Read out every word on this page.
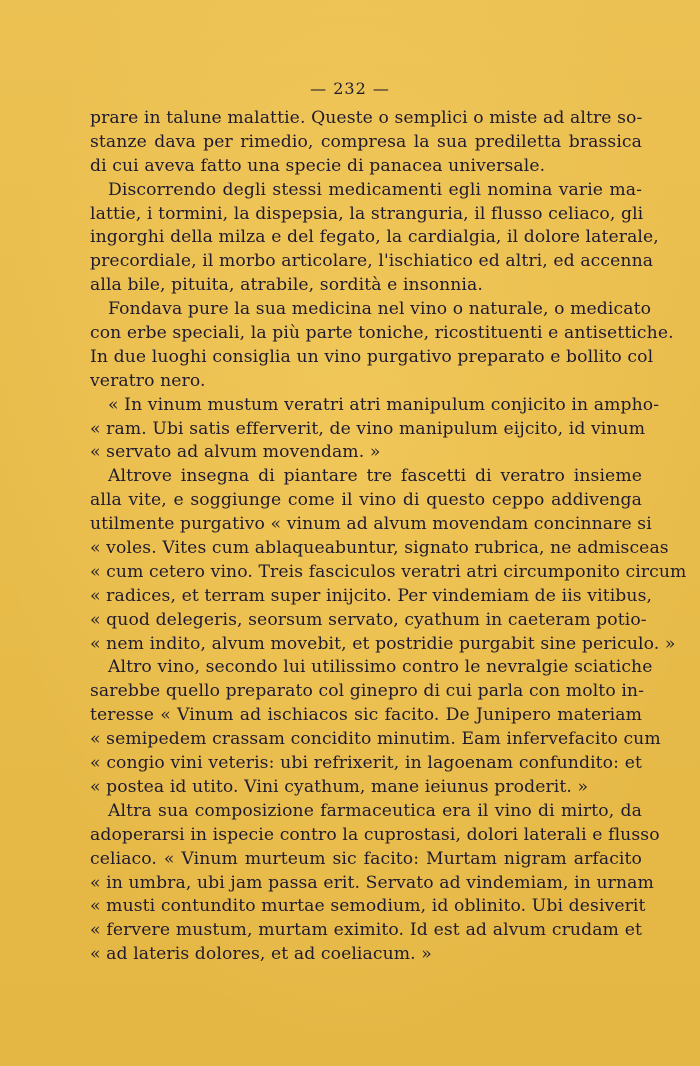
— 232 —
prare in talune malattie. Queste o semplici o miste ad altre so-
stanze dava per rimedio, compresa la sua prediletta brassica
di cui aveva fatto una specie di panacea universale.
Discorrendo degli stessi medicamenti egli nomina varie ma-
lattie, i tormini, la dispepsia, la stranguria, il flusso celiaco, gli
ingorghi della milza e del fegato, la cardialgia, il dolore laterale,
precordiale, il morbo articolare, l'ischiatico ed altri, ed accenna
alla bile, pituita, atrabile, sordità e insonnia.
Fondava pure la sua medicina nel vino o naturale, o medicato
con erbe speciali, la più parte toniche, ricostituenti e antisettiche.
In due luoghi consiglia un vino purgativo preparato e bollito col
veratro nero.
« In vinum mustum veratri atri manipulum conjicito in ampho-
« ram. Ubi satis efferverit, de vino manipulum eijcito, id vinum
« servato ad alvum movendam. »
Altrove insegna di piantare tre fascetti di veratro insieme
alla vite, e soggiunge come il vino di questo ceppo addivenga
utilmente purgativo « vinum ad alvum movendam concinnare si
« voles. Vites cum ablaqueabuntur, signato rubrica, ne admisceas
« cum cetero vino. Treis fasciculos veratri atri circumponito circum
« radices, et terram super inijcito. Per vindemiam de iis vitibus,
« quod delegeris, seorsum servato, cyathum in caeteram potio-
« nem indito, alvum movebit, et postridie purgabit sine periculo. »
Altro vino, secondo lui utilissimo contro le nevralgie sciatiche
sarebbe quello preparato col ginepro di cui parla con molto in-
teresse « Vinum ad ischiacos sic facito. De Junipero materiam
« semipedem crassam concidito minutim. Eam infervefacito cum
« congio vini veteris: ubi refrixerit, in lagoenam confundito: et
« postea id utito. Vini cyathum, mane ieiunus proderit. »
Altra sua composizione farmaceutica era il vino di mirto, da
adoperarsi in ispecie contro la cuprostasi, dolori laterali e flusso
celiaco. « Vinum murteum sic facito: Murtam nigram arfacito
« in umbra, ubi jam passa erit. Servato ad vindemiam, in urnam
« musti contundito murtae semodium, id oblinito. Ubi desiverit
« fervere mustum, murtam eximito. Id est ad alvum crudam et
« ad lateris dolores, et ad coeliacum. »
